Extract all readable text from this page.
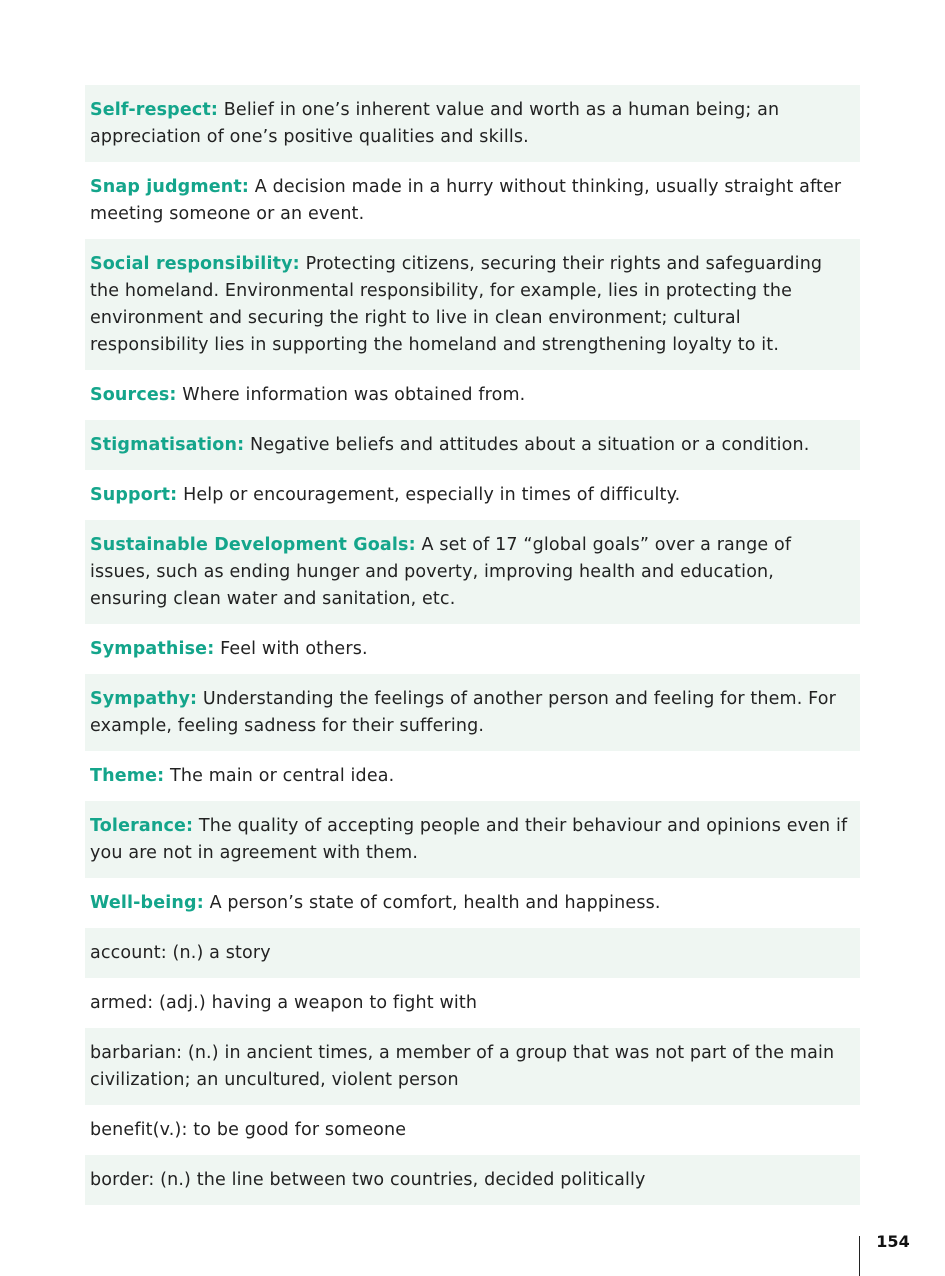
Self-respect: Belief in one’s inherent value and worth as a human being; an appreciation of one’s positive qualities and skills.
Snap judgment: A decision made in a hurry without thinking, usually straight after meeting someone or an event.
Social responsibility: Protecting citizens, securing their rights and safeguarding the homeland. Environmental responsibility, for example, lies in protecting the environment and securing the right to live in clean environment; cultural responsibility lies in supporting the homeland and strengthening loyalty to it.
Sources: Where information was obtained from.
Stigmatisation: Negative beliefs and attitudes about a situation or a condition.
Support: Help or encouragement, especially in times of difficulty.
Sustainable Development Goals: A set of 17 “global goals” over a range of issues, such as ending hunger and poverty, improving health and education, ensuring clean water and sanitation, etc.
Sympathise: Feel with others.
Sympathy: Understanding the feelings of another person and feeling for them. For example, feeling sadness for their suffering.
Theme: The main or central idea.
Tolerance: The quality of accepting people and their behaviour and opinions even if you are not in agreement with them.
Well-being: A person’s state of comfort, health and happiness.
account: (n.) a story
armed: (adj.) having a weapon to fight with
barbarian: (n.) in ancient times, a member of a group that was not part of the main civilization; an uncultured, violent person
benefit(v.): to be good for someone
border: (n.) the line between two countries, decided politically
154
